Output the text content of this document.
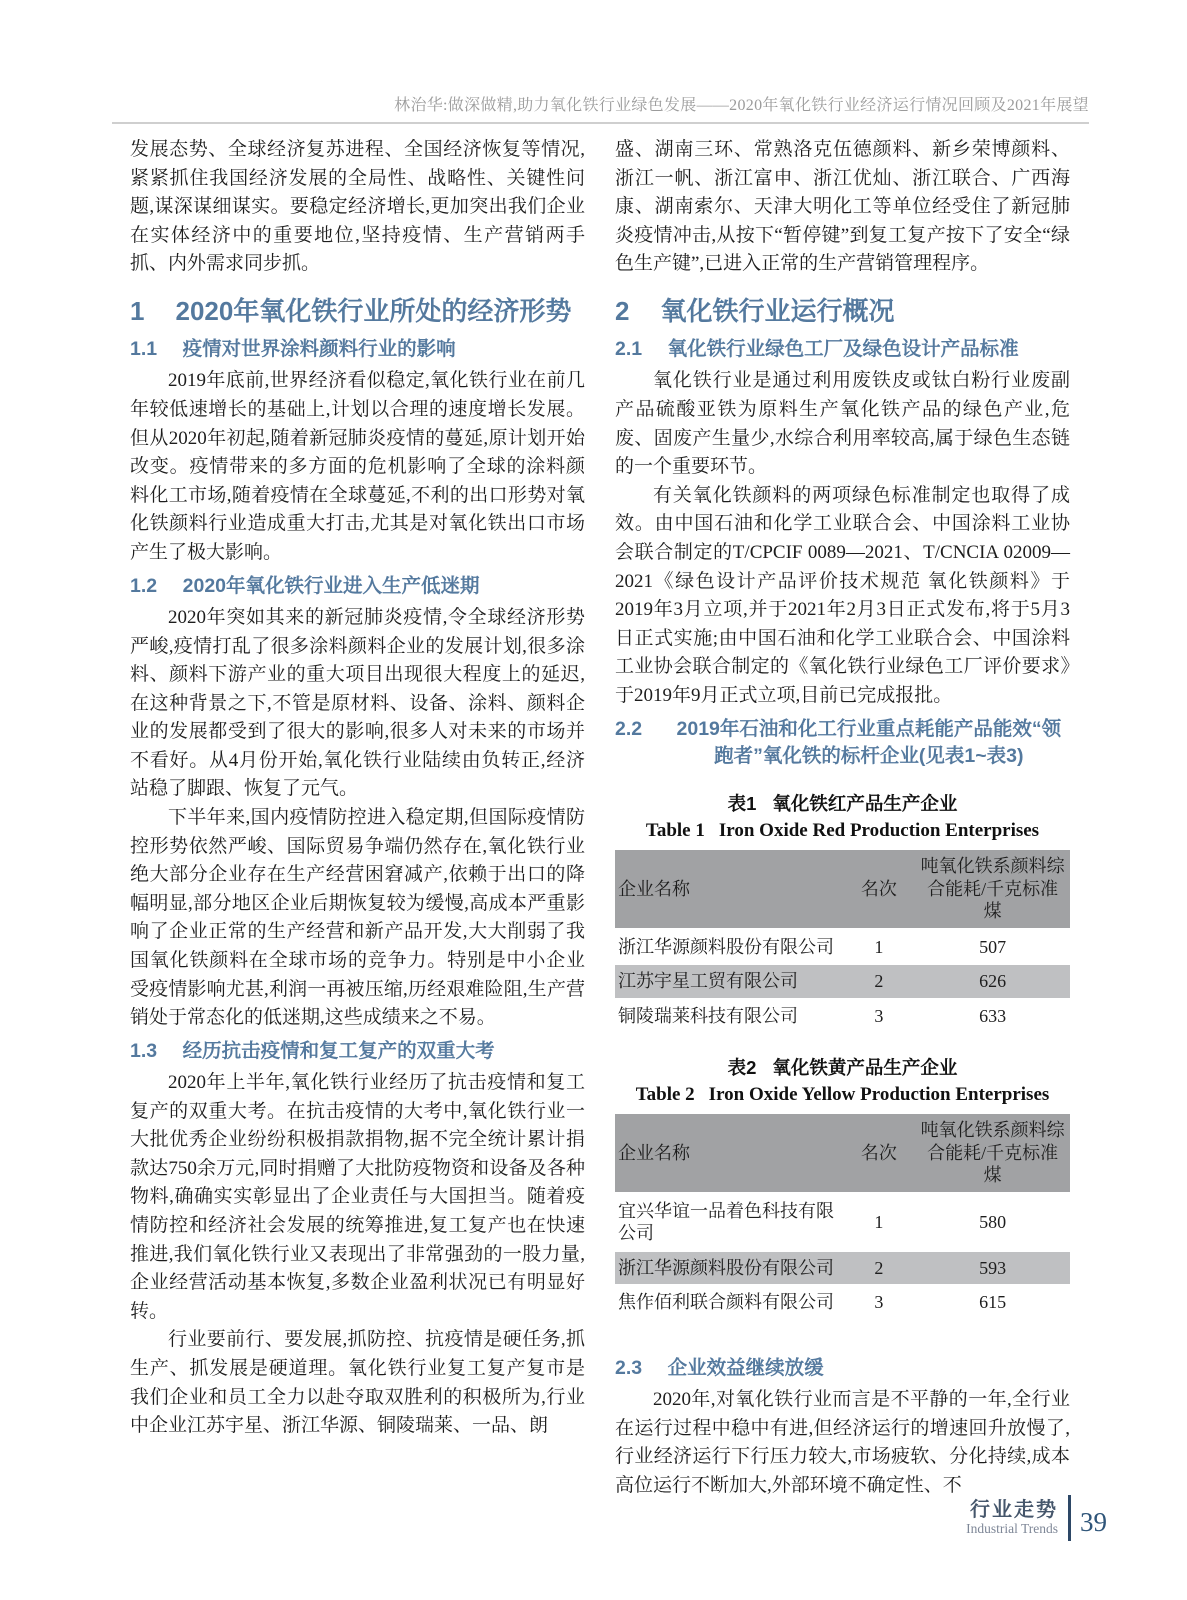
林治华:做深做精,助力氧化铁行业绿色发展——2020年氧化铁行业经济运行情况回顾及2021年展望

发展态势、全球经济复苏进程、全国经济恢复等情况,紧紧抓住我国经济发展的全局性、战略性、关键性问题,谋深谋细谋实。要稳定经济增长,更加突出我们企业在实体经济中的重要地位,坚持疫情、生产营销两手抓、内外需求同步抓。

1	2020年氧化铁行业所处的经济形势
1.1	疫情对世界涂料颜料行业的影响

2019年底前,世界经济看似稳定,氧化铁行业在前几年较低速增长的基础上,计划以合理的速度增长发展。但从2020年初起,随着新冠肺炎疫情的蔓延,原计划开始改变。疫情带来的多方面的危机影响了全球的涂料颜料化工市场,随着疫情在全球蔓延,不利的出口形势对氧化铁颜料行业造成重大打击,尤其是对氧化铁出口市场产生了极大影响。

1.2	2020年氧化铁行业进入生产低迷期

2020年突如其来的新冠肺炎疫情,令全球经济形势严峻,疫情打乱了很多涂料颜料企业的发展计划,很多涂料、颜料下游产业的重大项目出现很大程度上的延迟,在这种背景之下,不管是原材料、设备、涂料、颜料企业的发展都受到了很大的影响,很多人对未来的市场并不看好。从4月份开始,氧化铁行业陆续由负转正,经济站稳了脚跟、恢复了元气。

下半年来,国内疫情防控进入稳定期,但国际疫情防控形势依然严峻、国际贸易争端仍然存在,氧化铁行业绝大部分企业存在生产经营困窘减产,依赖于出口的降幅明显,部分地区企业后期恢复较为缓慢,高成本严重影响了企业正常的生产经营和新产品开发,大大削弱了我国氧化铁颜料在全球市场的竞争力。特别是中小企业受疫情影响尤甚,利润一再被压缩,历经艰难险阻,生产营销处于常态化的低迷期,这些成绩来之不易。

1.3	经历抗击疫情和复工复产的双重大考

2020年上半年,氧化铁行业经历了抗击疫情和复工复产的双重大考。在抗击疫情的大考中,氧化铁行业一大批优秀企业纷纷积极捐款捐物,据不完全统计累计捐款达750余万元,同时捐赠了大批防疫物资和设备及各种物料,确确实实彰显出了企业责任与大国担当。随着疫情防控和经济社会发展的统筹推进,复工复产也在快速推进,我们氧化铁行业又表现出了非常强劲的一股力量,企业经营活动基本恢复,多数企业盈利状况已有明显好转。

行业要前行、要发展,抓防控、抗疫情是硬任务,抓生产、抓发展是硬道理。氧化铁行业复工复产复市是我们企业和员工全力以赴夺取双胜利的积极所为,行业中企业江苏宇星、浙江华源、铜陵瑞莱、一品、朗

盛、湖南三环、常熟洛克伍德颜料、新乡荣博颜料、浙江一帆、浙江富申、浙江优灿、浙江联合、广西海康、湖南索尔、天津大明化工等单位经受住了新冠肺炎疫情冲击,从按下“暂停键”到复工复产按下了安全“绿色生产键”,已进入正常的生产营销管理程序。

2	氧化铁行业运行概况
2.1	氧化铁行业绿色工厂及绿色设计产品标准

氧化铁行业是通过利用废铁皮或钛白粉行业废副产品硫酸亚铁为原料生产氧化铁产品的绿色产业,危废、固废产生量少,水综合利用率较高,属于绿色生态链的一个重要环节。

有关氧化铁颜料的两项绿色标准制定也取得了成效。由中国石油和化学工业联合会、中国涂料工业协会联合制定的T/CPCIF 0089—2021、T/CNCIA 02009—2021《绿色设计产品评价技术规范 氧化铁颜料》于2019年3月立项,并于2021年2月3日正式发布,将于5月3日正式实施;由中国石油和化学工业联合会、中国涂料工业协会联合制定的《氧化铁行业绿色工厂评价要求》于2019年9月正式立项,目前已完成报批。

2.2	2019年石油和化工行业重点耗能产品能效“领跑者”氧化铁的标杆企业(见表1~表3)
表1 氧化铁红产品生产企业
Table 1 Iron Oxide Red Production Enterprises
企业名称	名次	吨氧化铁系颜料综合能耗/千克标准煤
浙江华源颜料股份有限公司	1	507
江苏宇星工贸有限公司	2	626
铜陵瑞莱科技有限公司	3	633
表2 氧化铁黄产品生产企业
Table 2 Iron Oxide Yellow Production Enterprises
企业名称	名次	吨氧化铁系颜料综合能耗/千克标准煤
宜兴华谊一品着色科技有限公司	1	580
浙江华源颜料股份有限公司	2	593
焦作佰利联合颜料有限公司	3	615
2.3	企业效益继续放缓

2020年,对氧化铁行业而言是不平静的一年,全行业在运行过程中稳中有进,但经济运行的增速回升放慢了,行业经济运行下行压力较大,市场疲软、分化持续,成本高位运行不断加大,外部环境不确定性、不

行业走势
Industrial Trends 39
